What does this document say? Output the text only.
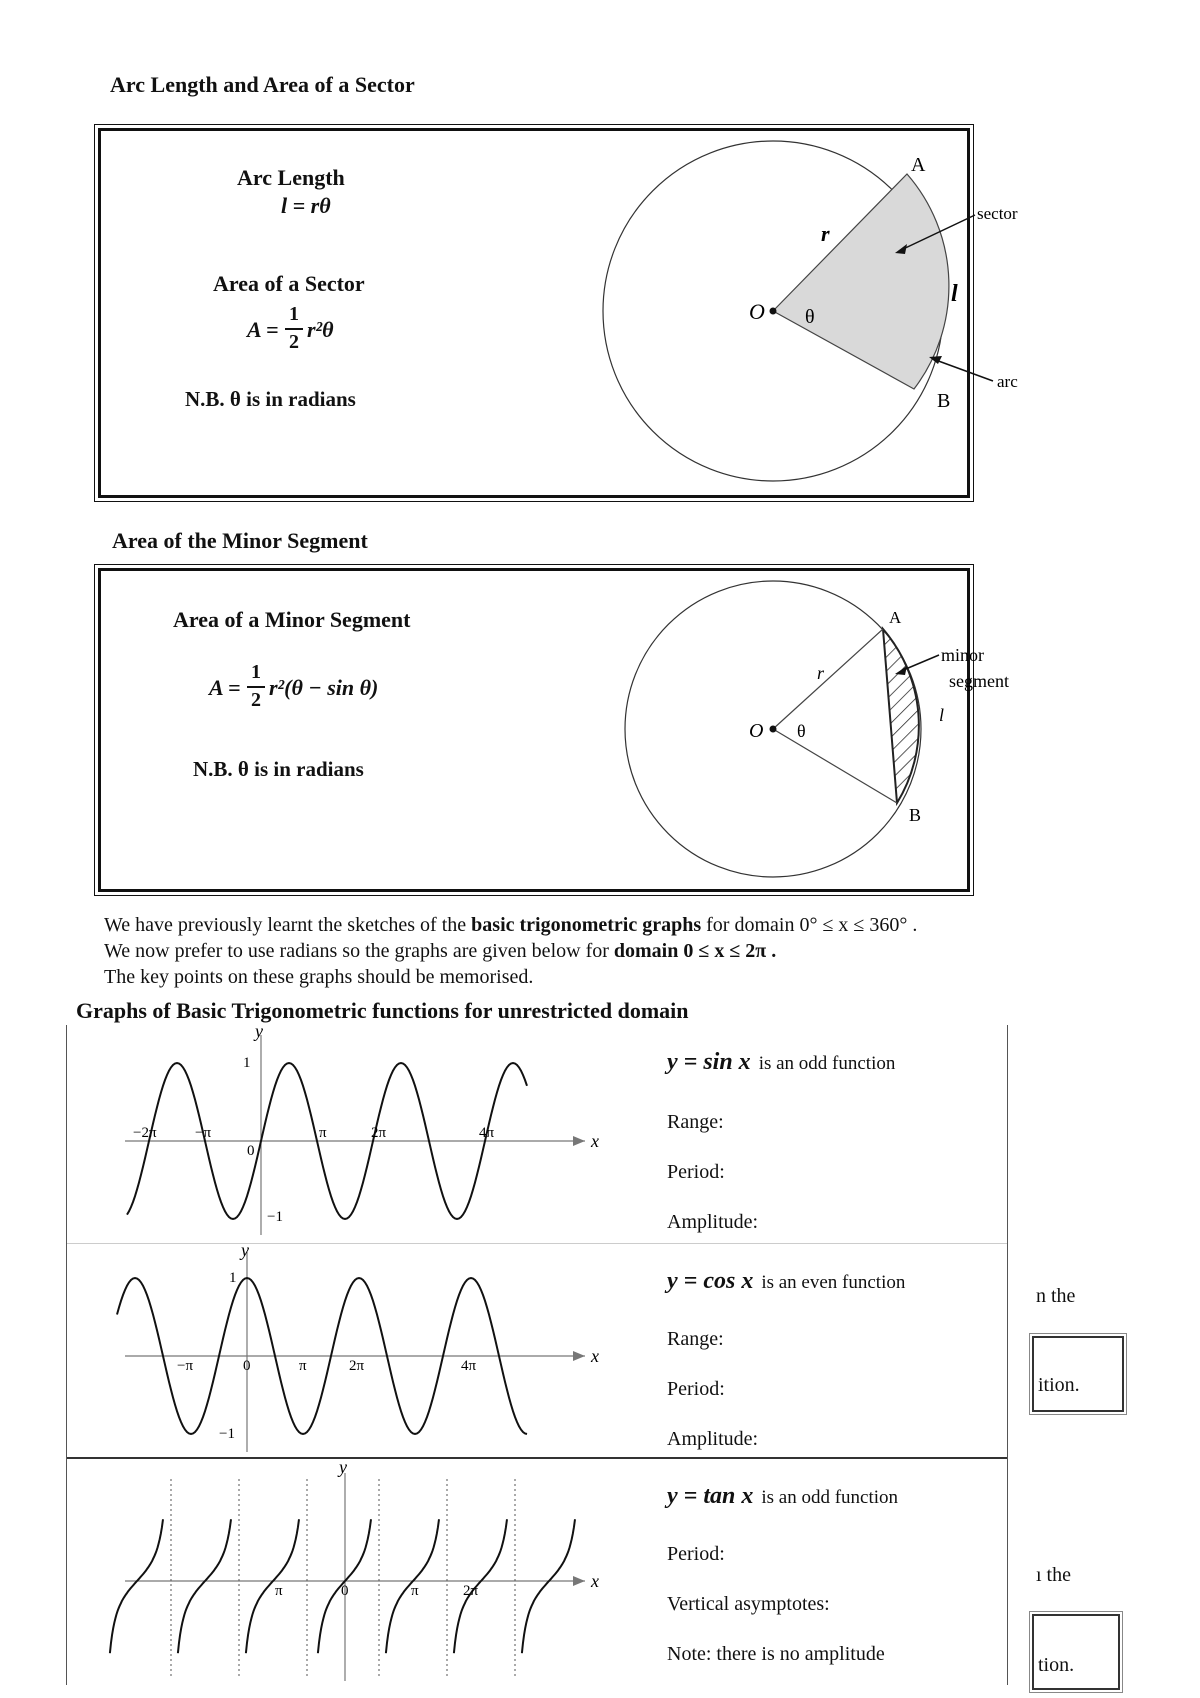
Arc Length and Area of a Sector
Arc Length
l = rθ
Area of a Sector
A =
1
2 r²θ
N.B. θ is in radians
O θ
r
A
B
l
sector
arc
Area of the Minor Segment
Area of a Minor Segment
A =
1
2 r²(θ − sin θ)
N.B. θ is in radians
O θ
r
A
B
l
minor
segment
We have previously learnt the sketches of the basic trigonometric graphs for domain 0° ≤ x ≤ 360° .
We now prefer to use radians so the graphs are given below for domain 0 ≤ x ≤ 2π .
The key points on these graphs should be memorised.
Graphs of Basic Trigonometric functions for unrestricted domain
x
y
1
−1
−2π	−π
0
π	2π	4π
y = sin x is an odd function
Range:
Period:
Amplitude:
x
y
1
−1
−π	0	π	2π	4π
y = cos x is an even function
Range:
Period:
Amplitude:
x
y
π	0	π	2π
y = tan x is an odd function
Period:
Vertical asymptotes:
Note: there is no amplitude
n the
ition.
ı the
tion.
